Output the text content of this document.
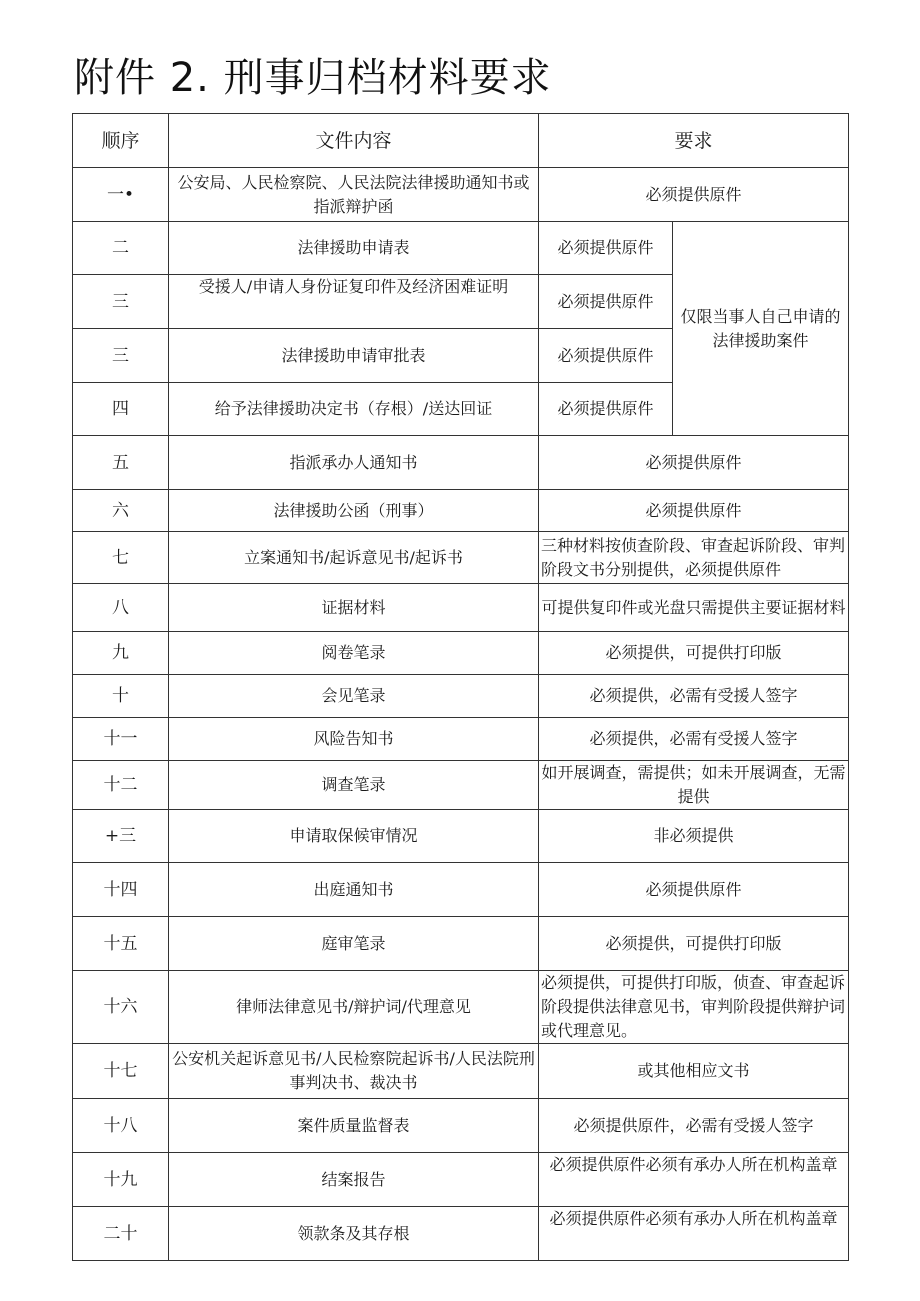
附件 2. 刑事归档材料要求
顺序	文件内容	要求	
一•	公安局、人民检察院、人民法院法律援助通知书或指派辩护函	必须提供原件	
二	法律援助申请表	必须提供原件	仅限当事人自己申请的法律援助案件
三	受援人/申请人身份证复印件及经济困难证明	必须提供原件	
三	法律援助申请审批表	必须提供原件	
四	给予法律援助决定书（存根）/送达回证	必须提供原件	
五	指派承办人通知书	必须提供原件	
六	法律援助公函（刑事）	必须提供原件	
七	立案通知书/起诉意见书/起诉书	三种材料按侦查阶段、审查起诉阶段、审判阶段文书分别提供，必须提供原件	
八	证据材料	可提供复印件或光盘只需提供主要证据材料	
九	阅卷笔录	必须提供，可提供打印版	
十	会见笔录	必须提供，必需有受援人签字	
十一	风险告知书	必须提供，必需有受援人签字	
十二	调查笔录	如开展调查，需提供；如未开展调查，无需提供	
+三	申请取保候审情况	非必须提供	
十四	出庭通知书	必须提供原件	
十五	庭审笔录	必须提供，可提供打印版	
十六	律师法律意见书/辩护词/代理意见	必须提供，可提供打印版，侦查、审查起诉阶段提供法律意见书，审判阶段提供辩护词或代理意见。	
十七	公安机关起诉意见书/人民检察院起诉书/人民法院刑事判决书、裁决书	或其他相应文书	
十八	案件质量监督表	必须提供原件，必需有受援人签字	
十九	结案报告	必须提供原件必须有承办人所在机构盖章	
二十	领款条及其存根	必须提供原件必须有承办人所在机构盖章	
